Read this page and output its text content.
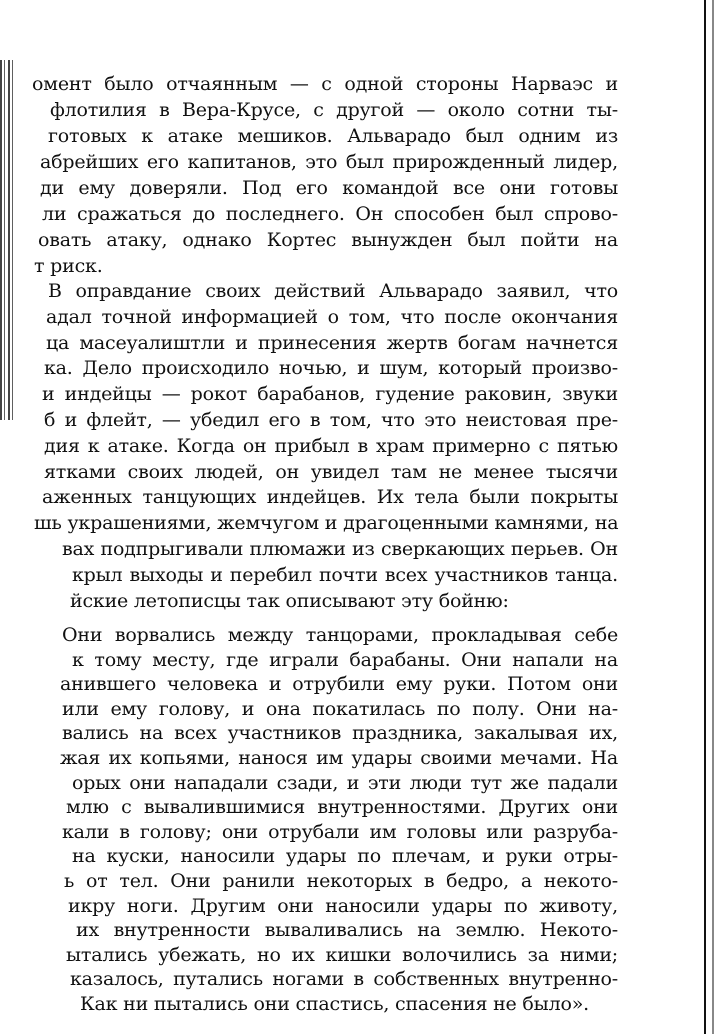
омент было отчаянным — с одной стороны Нарваэс и
флотилия в Вера-Крусе, с другой — около сотни ты-
готовых к атаке мешиков. Альварадо был одним из
абрейших его капитанов, это был прирожденный лидер,
ди ему доверяли. Под его командой все они готовы
ли сражаться до последнего. Он способен был спрово-
овать атаку, однако Кортес вынужден был пойти на
т риск.
В оправдание своих действий Альварадо заявил, что
адал точной информацией о том, что после окончания
ца масеуалиштли и принесения жертв богам начнется
ка. Дело происходило ночью, и шум, который произво-
и индейцы — рокот барабанов, гудение раковин, звуки
б и флейт, — убедил его в том, что это неистовая пре-
дия к атаке. Когда он прибыл в храм примерно с пятью
ятками своих людей, он увидел там не менее тысячи
аженных танцующих индейцев. Их тела были покрыты
шь украшениями, жемчугом и драгоценными камнями, на
вах подпрыгивали плюмажи из сверкающих перьев. Он
крыл выходы и перебил почти всех участников танца.
йские летописцы так описывают эту бойню:
Они ворвались между танцорами, прокладывая себе
к тому месту, где играли барабаны. Они напали на
анившего человека и отрубили ему руки. Потом они
или ему голову, и она покатилась по полу. Они на-
вались на всех участников праздника, закалывая их,
жая их копьями, нанося им удары своими мечами. На
орых они нападали сзади, и эти люди тут же падали
млю с вывалившимися внутренностями. Других они
кали в голову; они отрубали им головы или разруба-
на куски, наносили удары по плечам, и руки отры-
ь от тел. Они ранили некоторых в бедро, а некото-
икру ноги. Другим они наносили удары по животу,
их внутренности вываливались на землю. Некото-
ытались убежать, но их кишки волочились за ними;
казалось, путались ногами в собственных внутренно-
Как ни пытались они спастись, спасения не было».
